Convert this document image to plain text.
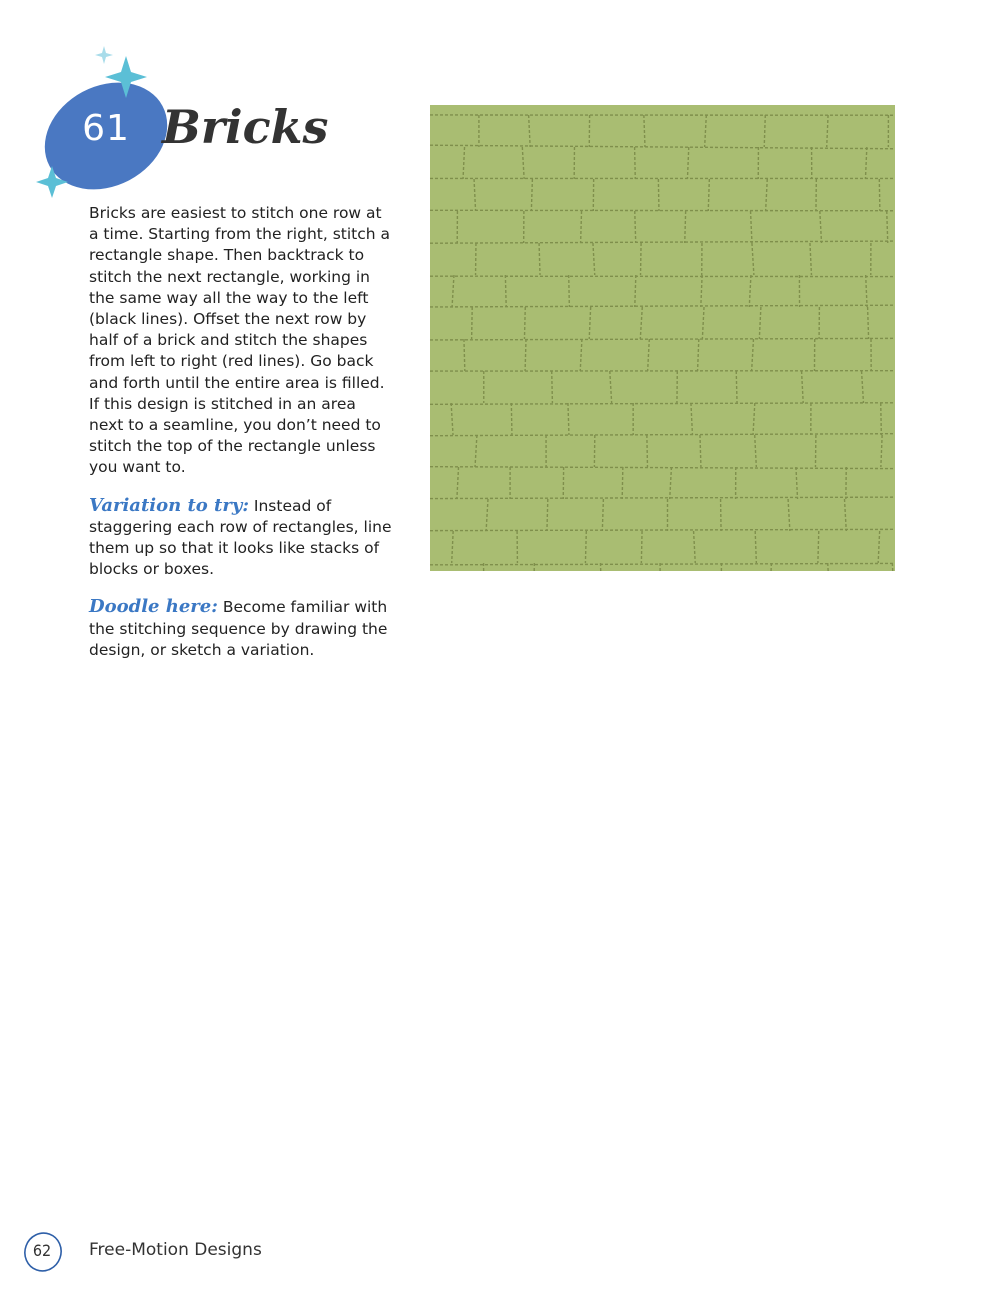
61 Bricks

Bricks are easiest to stitch one row at a time. Starting from the right, stitch a rectangle shape. Then backtrack to stitch the next rectangle, working in the same way all the way to the left (black lines). Offset the next row by half of a brick and stitch the shapes from left to right (red lines). Go back and forth until the entire area is filled. If this design is stitched in an area next to a seamline, you don’t need to stitch the top of the rectangle unless you want to.

Variation to try: Instead of staggering each row of rectangles, line them up so that it looks like stacks of blocks or boxes.

Doodle here: Become familiar with the stitching sequence by drawing the design, or sketch a variation.

62	Free-Motion Designs
